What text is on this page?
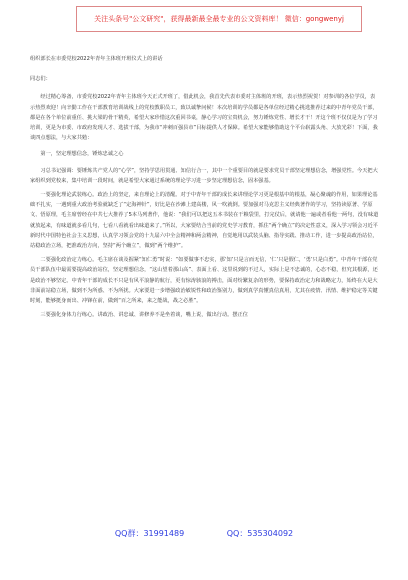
关注头条号"公文研究"，获得最新最全最专业的公文资料库！ 微信：gongwenyj

组织部长在市委党校2022年青年主体班开班仪式上的讲话

同志们：

经过精心筹备，市委党校2022年青年主体班今天正式开班了，借此机会，我首先代表市委对主体班的开班，表示热烈祝贺！对参训的各位学员，表示热烈欢迎！向辛勤工作在干部教育培训战线上的党校教职员工，致以诚挚问候！本次培训的学员都是各单位经过精心挑选推荐过来的中青年党员干部，都是在各个单位前重任、挑大梁的骨干精英，希望大家珍惜这次重回书桌，静心学习的宝贵机会，努力锤炼党性、增长才干！开这个班不仅仅是为了学习培训，更是为市委、市政府发现人才、选拔干部，为我市“冲刺百强县市”目标提供人才保障。希望大家能够借助这个平台崭露头角、大放光彩！下面，我谈四点想法，与大家共勉：

第一，坚定理想信念，锤炼忠诚之心

习总书记强调：要锤炼共产党人的“心学”，坚持学思用贯通、知信行合一，其中一个重要目的就是要求党员干部坚定理想信念，增强党性。今天把大家组织到党校来，集中培训一段时间，就是希望大家通过系统的理论学习进一步坚定理想信念，固本强基。

一要强化理论武装练心。政治上的坚定，来自理论上的清醒。对于中青年干部的成长来讲理论学习更是根基中的根基，凝心聚魂的作用，如果理论基础不扎实，一遇到重大政治考验就缺乏了“定海神针”，好比是在沙滩上建高楼，风一吹就倒。要加强对马克思主义经典著作的学习，坚持读原著、学原文、悟原理，毛主席曾经在中共七大推荐了5本马列著作，他说：“我们可以把这五本书装在干粮袋里，打完仗后，就请他一遍或者看他一两句，没有味道就放起来，有味道就多看几句，七看八看就看出味道来了。”所以，大家要结合当前的党史学习教育，抓住“两个确立”的决定性意义，深入学习领会习近平新时代中国特色社会主义思想，认真学习领会党的十九届六中全会精神和两会精神，自觉地用以武装头脑、指导实践、推动工作，进一步提高政治站位，站稳政治立场，把准政治方向，坚持“两个确立”，做到“两个维护”。

二要强化政治定力练心。毛主席在谈及握紧“知仁勇”时说：“如要做事不忠实，那‘知’只是言而无信，‘仁’只是假仁，‘勇’只是白勇”。中青年干部在党员干部队伍中最需要提高政治站位，坚定理想信念，“这山望着那山高”、表面上看、这里说到的不过人，实际上是不忠诚的，心态不稳，但究其根源，还是政治不够坚定。中青年干部的成长不只是有风平浪静的航行，更有惊涛骇浪的搏击，面对纷繁复杂的形势，要保持政治定力和战略定力，始终在大是大非面前站稳立场，做到不为所惑、不为所扰。大家要进一步增强政治敏锐性和政治鉴别力，做到真学真懂真信真用，尤其在疫情、汛情、维护稳定等关键时刻，能够挺身而出、冲锋在前，做到“百之所来，来之能战，战之必胜”。

三要强化身体力行练心。讲政治、讲忠诚、讲修养不是坐着谈，嘴上说，做出行动。摆正位

QQ群：31991489	QQ：535304092
